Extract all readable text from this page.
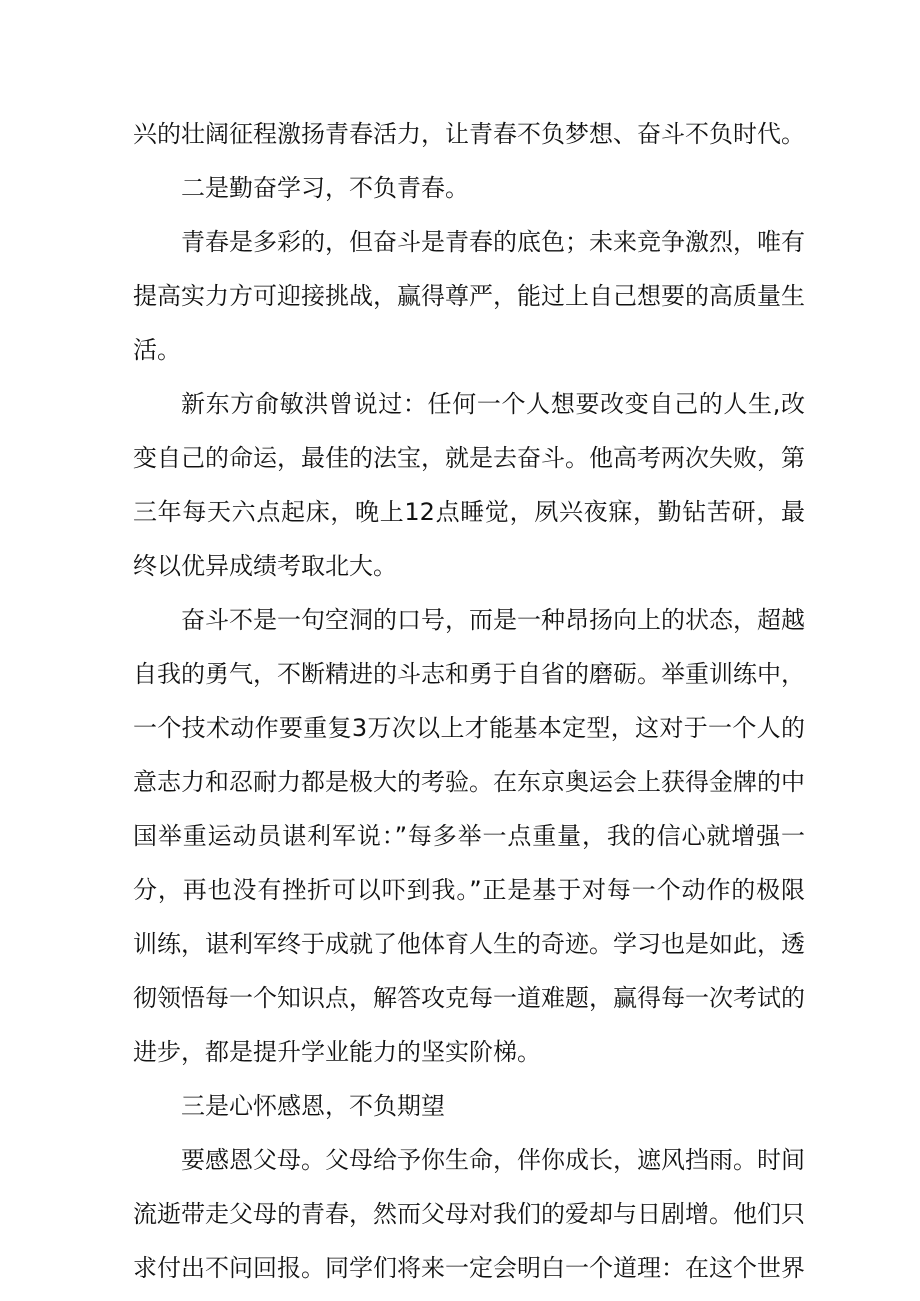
兴的壮阔征程激扬青春活力，让青春不负梦想、奋斗不负时代。

二是勤奋学习，不负青春。

青春是多彩的，但奋斗是青春的底色；未来竞争激烈，唯有提高实力方可迎接挑战，赢得尊严，能过上自己想要的高质量生活。

新东方俞敏洪曾说过：任何一个人想要改变自己的人生,改变自己的命运，最佳的法宝，就是去奋斗。他高考两次失败，第三年每天六点起床，晚上12点睡觉，夙兴夜寐，勤钻苦研，最终以优异成绩考取北大。

奋斗不是一句空洞的口号，而是一种昂扬向上的状态，超越自我的勇气，不断精进的斗志和勇于自省的磨砺。举重训练中，一个技术动作要重复3万次以上才能基本定型，这对于一个人的意志力和忍耐力都是极大的考验。在东京奥运会上获得金牌的中国举重运动员谌利军说：”每多举一点重量，我的信心就增强一分，再也没有挫折可以吓到我。”正是基于对每一个动作的极限训练，谌利军终于成就了他体育人生的奇迹。学习也是如此，透彻领悟每一个知识点，解答攻克每一道难题，赢得每一次考试的进步，都是提升学业能力的坚实阶梯。

三是心怀感恩，不负期望

要感恩父母。父母给予你生命，伴你成长，遮风挡雨。时间流逝带走父母的青春，然而父母对我们的爱却与日剧增。他们只求付出不问回报。同学们将来一定会明白一个道理：在这个世界
